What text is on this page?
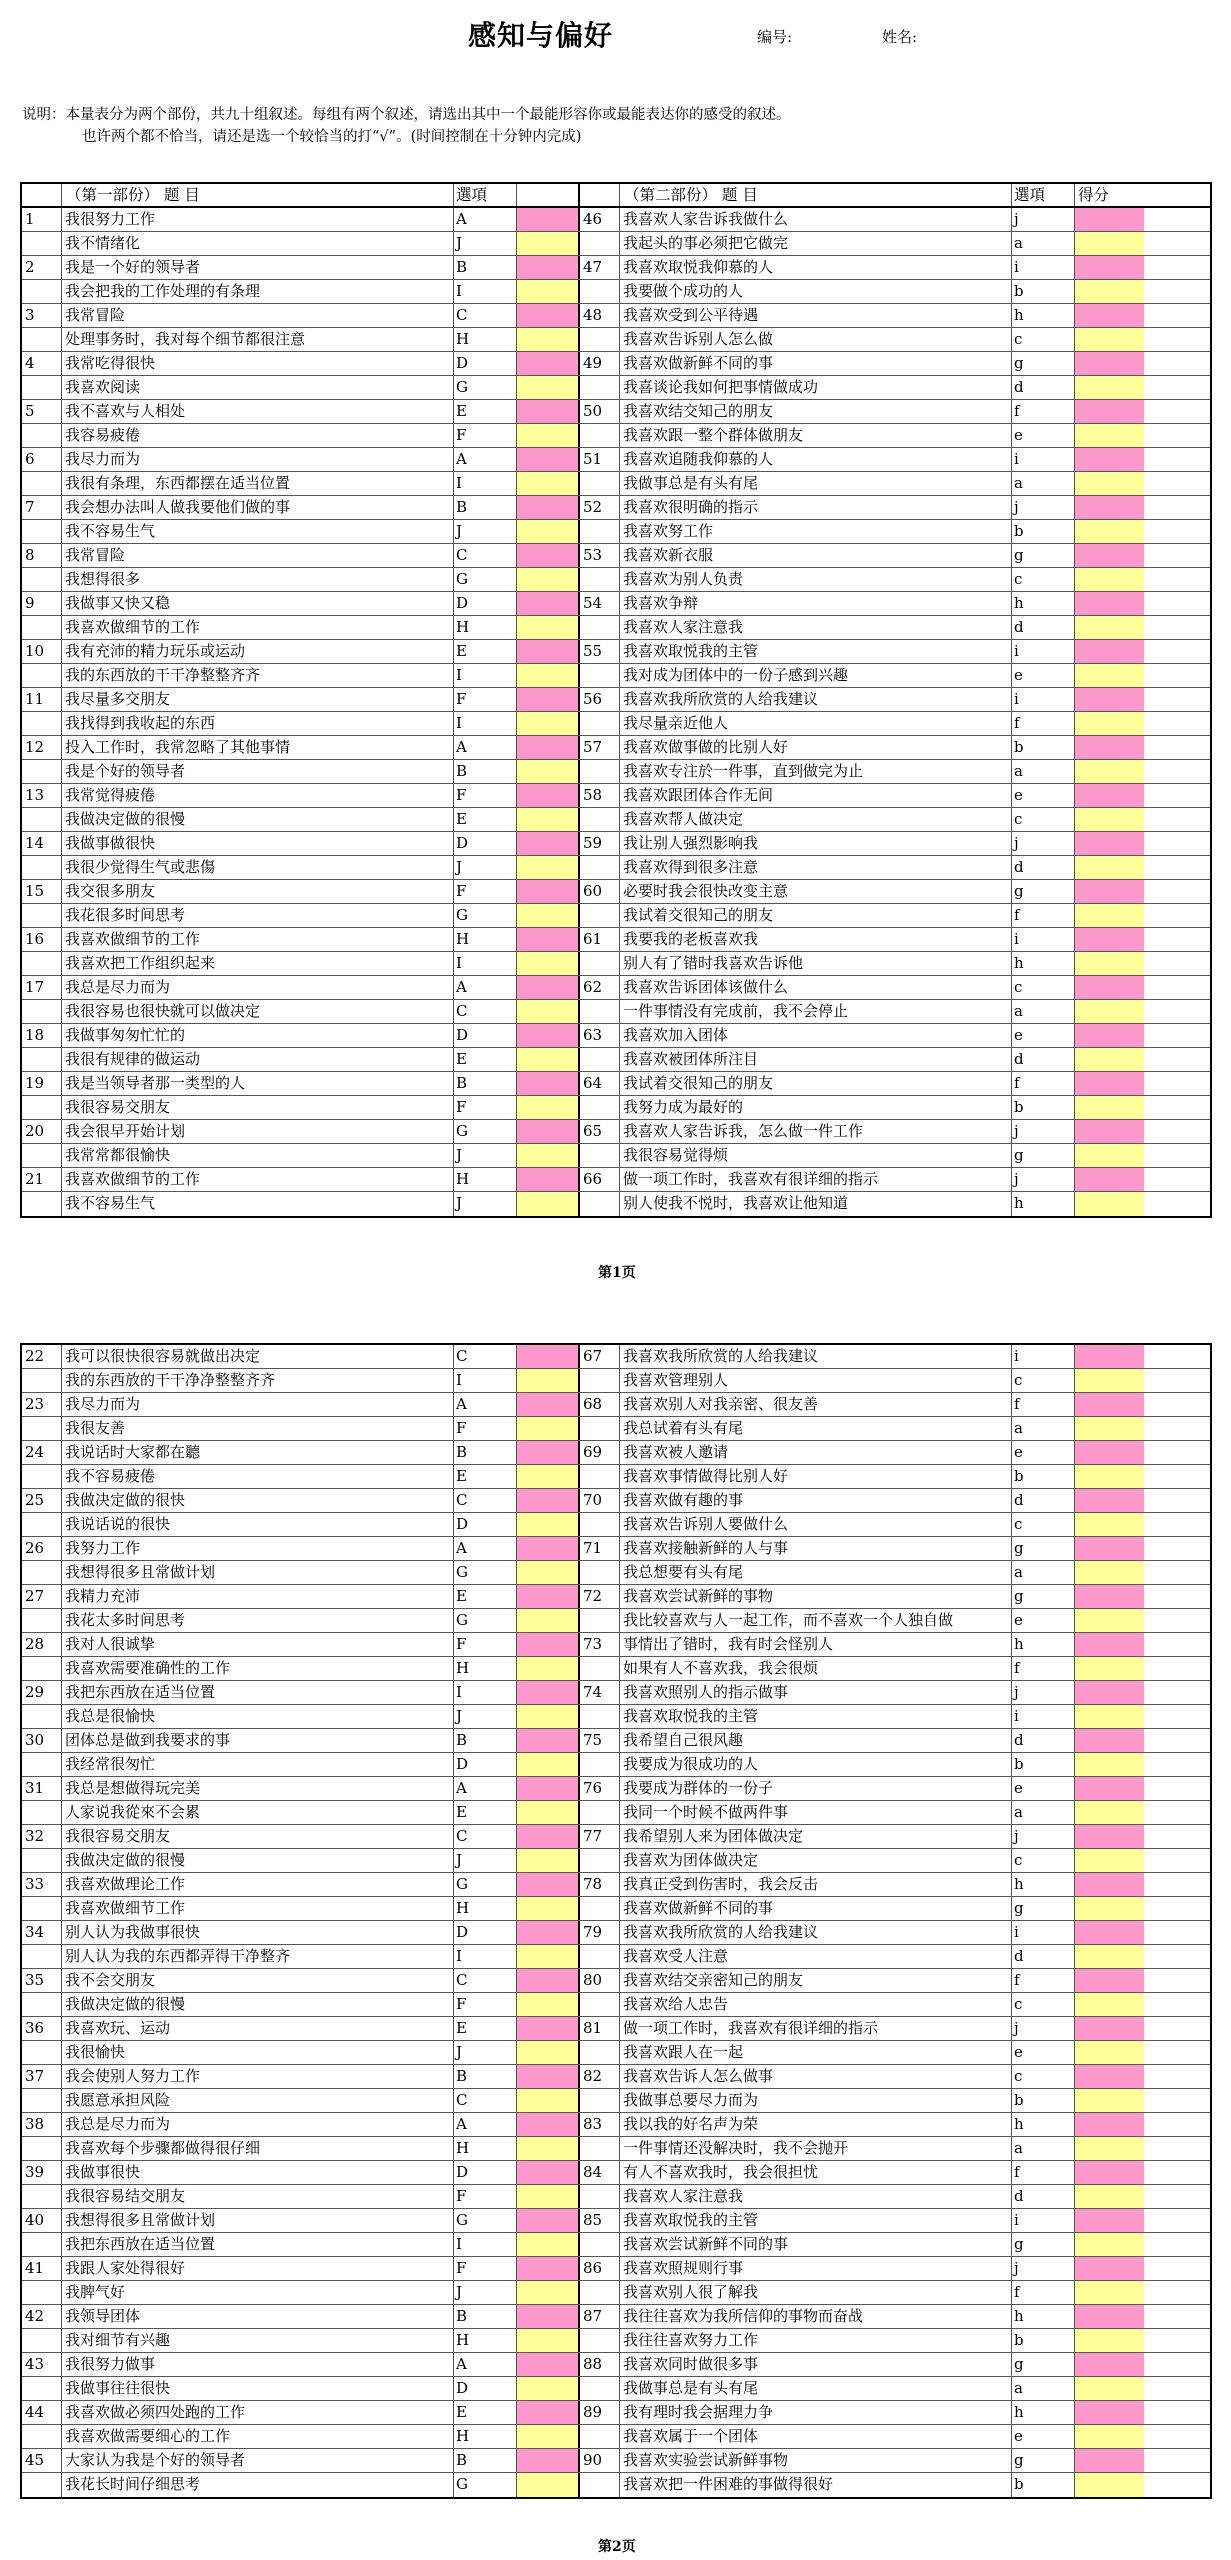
感知与偏好	编号:	姓名:
说明：本量表分为两个部份，共九十组叙述。每组有两个叙述，请选出其中一个最能形容你或最能表达你的感受的叙述。
也许两个都不恰当，请还是选一个较恰当的打“√”。(时间控制在十分钟内完成)
（第一部份） 题 目	選項	（第二部份） 题 目	選項	得分
1	我很努力工作	A	46	我喜欢人家告诉我做什么	j
我不情绪化	J	我起头的事必须把它做完	a
2	我是一个好的领导者	B	47	我喜欢取悦我仰慕的人	i
我会把我的工作处理的有条理	I	我要做个成功的人	b
3	我常冒险	C	48	我喜欢受到公平待遇	h
处理事务时，我对每个细节都很注意	H	我喜欢告诉别人怎么做	c
4	我常吃得很快	D	49	我喜欢做新鲜不同的事	g
我喜欢阅读	G	我喜谈论我如何把事情做成功	d
5	我不喜欢与人相处	E	50	我喜欢结交知己的朋友	f
我容易疲倦	F	我喜欢跟一整个群体做朋友	e
6	我尽力而为	A	51	我喜欢追随我仰慕的人	i
我很有条理，东西都摆在适当位置	I	我做事总是有头有尾	a
7	我会想办法叫人做我要他们做的事	B	52	我喜欢很明确的指示	j
我不容易生气	J	我喜欢努工作	b
8	我常冒险	C	53	我喜欢新衣服	g
我想得很多	G	我喜欢为别人负责	c
9	我做事又快又稳	D	54	我喜欢争辩	h
我喜欢做细节的工作	H	我喜欢人家注意我	d
10	我有充沛的精力玩乐或运动	E	55	我喜欢取悦我的主管	i
我的东西放的干干净整整齐齐	I	我对成为团体中的一份子感到兴趣	e
11	我尽量多交朋友	F	56	我喜欢我所欣赏的人给我建议	i
我找得到我收起的东西	I	我尽量亲近他人	f
12	投入工作时，我常忽略了其他事情	A	57	我喜欢做事做的比别人好	b
我是个好的领导者	B	我喜欢专注於一件事，直到做完为止	a
13	我常觉得疲倦	F	58	我喜欢跟团体合作无间	e
我做决定做的很慢	E	我喜欢帮人做决定	c
14	我做事做很快	D	59	我让别人强烈影响我	j
我很少觉得生气或悲傷	J	我喜欢得到很多注意	d
15	我交很多朋友	F	60	必要时我会很快改变主意	g
我花很多时间思考	G	我试着交很知己的朋友	f
16	我喜欢做细节的工作	H	61	我要我的老板喜欢我	i
我喜欢把工作组织起来	I	别人有了错时我喜欢告诉他	h
17	我总是尽力而为	A	62	我喜欢告诉团体该做什么	c
我很容易也很快就可以做决定	C	一件事情没有完成前，我不会停止	a
18	我做事匆匆忙忙的	D	63	我喜欢加入团体	e
我很有规律的做运动	E	我喜欢被团体所注目	d
19	我是当领导者那一类型的人	B	64	我试着交很知己的朋友	f
我很容易交朋友	F	我努力成为最好的	b
20	我会很早开始计划	G	65	我喜欢人家告诉我，怎么做一件工作	j
我常常都很愉快	J	我很容易觉得烦	g
21	我喜欢做细节的工作	H	66	做一项工作时，我喜欢有很详细的指示	j
我不容易生气	J	别人使我不悦时，我喜欢让他知道	h
第1页
22	我可以很快很容易就做出决定	C	67	我喜欢我所欣赏的人给我建议	i
我的东西放的干干净净整整齐齐	I	我喜欢管理别人	c
23	我尽力而为	A	68	我喜欢别人对我亲密、很友善	f
我很友善	F	我总试着有头有尾	a
24	我说话时大家都在聽	B	69	我喜欢被人邀请	e
我不容易疲倦	E	我喜欢事情做得比别人好	b
25	我做决定做的很快	C	70	我喜欢做有趣的事	d
我说话说的很快	D	我喜欢告诉别人要做什么	c
26	我努力工作	A	71	我喜欢接触新鲜的人与事	g
我想得很多且常做计划	G	我总想要有头有尾	a
27	我精力充沛	E	72	我喜欢尝试新鲜的事物	g
我花太多时间思考	G	我比较喜欢与人一起工作，而不喜欢一个人独自做	e
28	我对人很诚挚	F	73	事情出了错时，我有时会怪别人	h
我喜欢需要准确性的工作	H	如果有人不喜欢我，我会很烦	f
29	我把东西放在适当位置	I	74	我喜欢照别人的指示做事	j
我总是很愉快	J	我喜欢取悦我的主管	i
30	团体总是做到我要求的事	B	75	我希望自己很风趣	d
我经常很匆忙	D	我要成为很成功的人	b
31	我总是想做得玩完美	A	76	我要成为群体的一份子	e
人家说我從來不会累	E	我同一个时候不做两件事	a
32	我很容易交朋友	C	77	我希望别人来为团体做决定	j
我做决定做的很慢	J	我喜欢为团体做决定	c
33	我喜欢做理论工作	G	78	我真正受到伤害时，我会反击	h
我喜欢做细节工作	H	我喜欢做新鲜不同的事	g
34	别人认为我做事很快	D	79	我喜欢我所欣赏的人给我建议	i
别人认为我的东西都弄得干净整齐	I	我喜欢受人注意	d
35	我不会交朋友	C	80	我喜欢结交亲密知己的朋友	f
我做决定做的很慢	F	我喜欢给人忠告	c
36	我喜欢玩、运动	E	81	做一项工作时，我喜欢有很详细的指示	j
我很愉快	J	我喜欢跟人在一起	e
37	我会使别人努力工作	B	82	我喜欢告诉人怎么做事	c
我愿意承担风险	C	我做事总要尽力而为	b
38	我总是尽力而为	A	83	我以我的好名声为荣	h
我喜欢每个步骤都做得很仔细	H	一件事情还没解决时，我不会抛开	a
39	我做事很快	D	84	有人不喜欢我时，我会很担忧	f
我很容易结交朋友	F	我喜欢人家注意我	d
40	我想得很多且常做计划	G	85	我喜欢取悦我的主管	i
我把东西放在适当位置	I	我喜欢尝试新鲜不同的事	g
41	我跟人家处得很好	F	86	我喜欢照规则行事	j
我脾气好	J	我喜欢别人很了解我	f
42	我领导团体	B	87	我往往喜欢为我所信仰的事物而奋战	h
我对细节有兴趣	H	我往往喜欢努力工作	b
43	我很努力做事	A	88	我喜欢同时做很多事	g
我做事往往很快	D	我做事总是有头有尾	a
44	我喜欢做必须四处跑的工作	E	89	我有理时我会据理力争	h
我喜欢做需要细心的工作	H	我喜欢属于一个团体	e
45	大家认为我是个好的领导者	B	90	我喜欢实验尝试新鲜事物	g
我花长时间仔细思考	G	我喜欢把一件困难的事做得很好	b
第2页
